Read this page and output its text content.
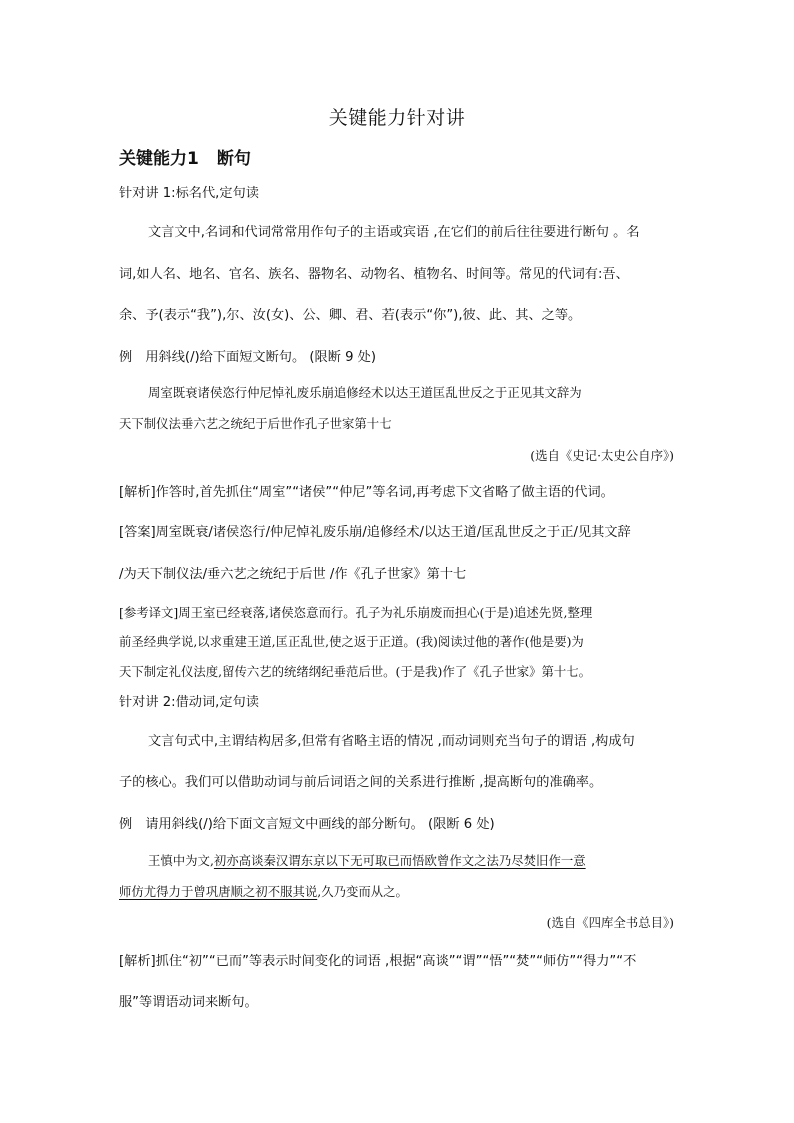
关键能力针对讲
关键能力1 断句
针对讲 1:标名代,定句读
文言文中,名词和代词常常用作句子的主语或宾语 ,在它们的前后往往要进行断句 。名
词,如人名、地名、官名、族名、器物名、动物名、植物名、时间等。常见的代词有:吾、
余、予(表示“我”),尔、汝(女)、公、卿、君、若(表示“你”),彼、此、其、之等。
例　用斜线(/)给下面短文断句。 (限断 9 处)
周室既衰诸侯恣行仲尼悼礼废乐崩追修经术以达王道匡乱世反之于正见其文辞为
天下制仪法垂六艺之统纪于后世作孔子世家第十七
(选自《史记·太史公自序》)
[解析]作答时,首先抓住“周室”“诸侯”“仲尼”等名词,再考虑下文省略了做主语的代词。
[答案]周室既衰/诸侯恣行/仲尼悼礼废乐崩/追修经术/以达王道/匡乱世反之于正/见其文辞
/为天下制仪法/垂六艺之统纪于后世 /作《孔子世家》第十七
[参考译文]周王室已经衰落,诸侯恣意而行。孔子为礼乐崩废而担心(于是)追述先贤,整理
前圣经典学说,以求重建王道,匡正乱世,使之返于正道。(我)阅读过他的著作(他是要)为
天下制定礼仪法度,留传六艺的统绪纲纪垂范后世。(于是我)作了《孔子世家》第十七。
针对讲 2:借动词,定句读
文言句式中,主谓结构居多,但常有省略主语的情况 ,而动词则充当句子的谓语 ,构成句
子的核心。我们可以借助动词与前后词语之间的关系进行推断 ,提高断句的准确率。
例　请用斜线(/)给下面文言短文中画线的部分断句。 (限断 6 处)
王慎中为文,初亦高谈秦汉谓东京以下无可取已而悟欧曾作文之法乃尽焚旧作一意
师仿尤得力于曾巩唐顺之初不服其说,久乃变而从之。
(选自《四库全书总目》)
[解析]抓住“初”“已而”等表示时间变化的词语 ,根据“高谈”“谓”“悟”“焚”“师仿”“得力”“不
服”等谓语动词来断句。
